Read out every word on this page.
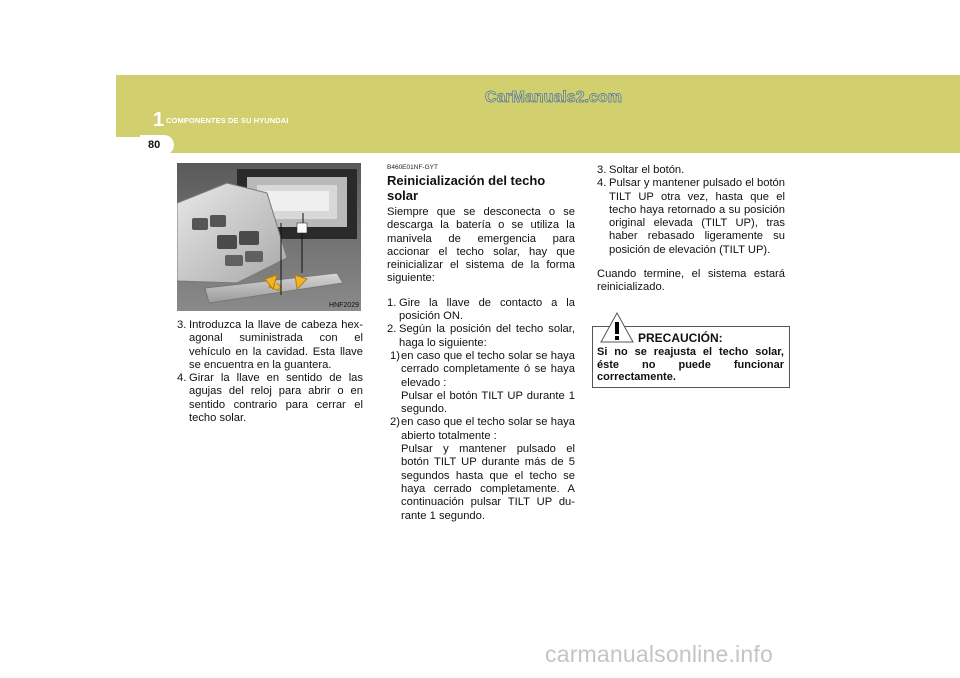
80
1 COMPONENTES DE SU HYUNDAI
CarManuals2.com
HNF2029
3. Introduzca la llave de cabeza hex- agonal suministrada con el vehículo en la cavidad. Esta llave se encuentra en la guantera.
4. Girar la llave en sentido de las agujas del reloj para abrir o en sentido contrario para cerrar el techo solar.
B460E01NF-GYT
Reinicialización del techo solar
Siempre que se desconecta o se descarga la batería o se utiliza la manivela de emergencia para accionar el techo solar, hay que reinicializar el sistema de la forma siguiente:
1. Gire la llave de contacto a la posición ON.
2. Según la posición del techo solar, haga lo siguiente:
1) en caso que el techo solar se haya cerrado completamente ó se haya elevado :
Pulsar el botón TILT UP durante 1 segundo.
2) en caso que el techo solar se haya abierto totalmente :
Pulsar y mantener pulsado el botón TILT UP durante más de 5 segundos hasta que el techo se haya cerrado completamente. A continuación pulsar TILT UP du- rante 1 segundo.
3. Soltar el botón.
4. Pulsar y mantener pulsado el botón TILT UP otra vez, hasta que el techo haya retornado a su posición original elevada (TILT UP), tras haber rebasado ligeramente su posición de elevación (TILT UP).
Cuando termine, el sistema estará reinicializado.
PRECAUCIÓN:
Si no se reajusta el techo solar, éste no puede funcionar correctamente.
carmanualsonline.info
